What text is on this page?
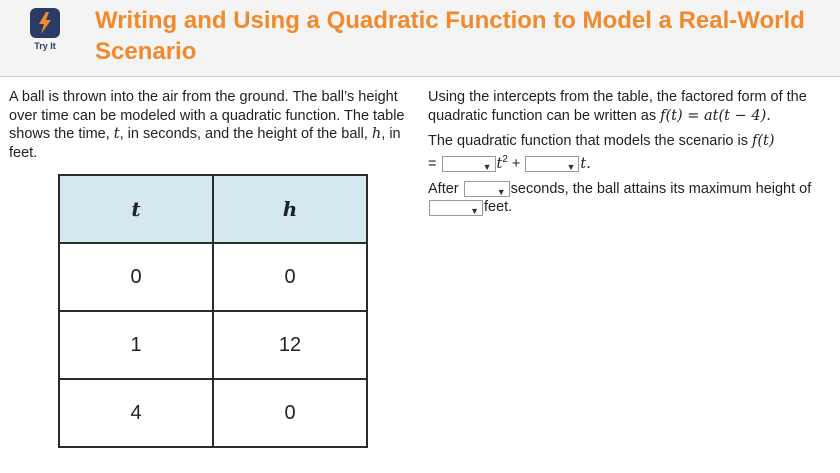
Try It
Writing and Using a Quadratic Function to Model a Real-World Scenario
A ball is thrown into the air from the ground. The ball’s height over time can be modeled with a quadratic function. The table shows the time, t, in seconds, and the height of the ball, h, in feet.
t	h
0	0
1	12
4	0
Using the intercepts from the table, the factored form of the quadratic function can be written as f(t) = at(t − 4).
The quadratic function that models the scenario is f(t)
=	▼ $t^2$ +	▼ t.
After	▼ seconds, the ball attains its maximum height of
▼ feet.
